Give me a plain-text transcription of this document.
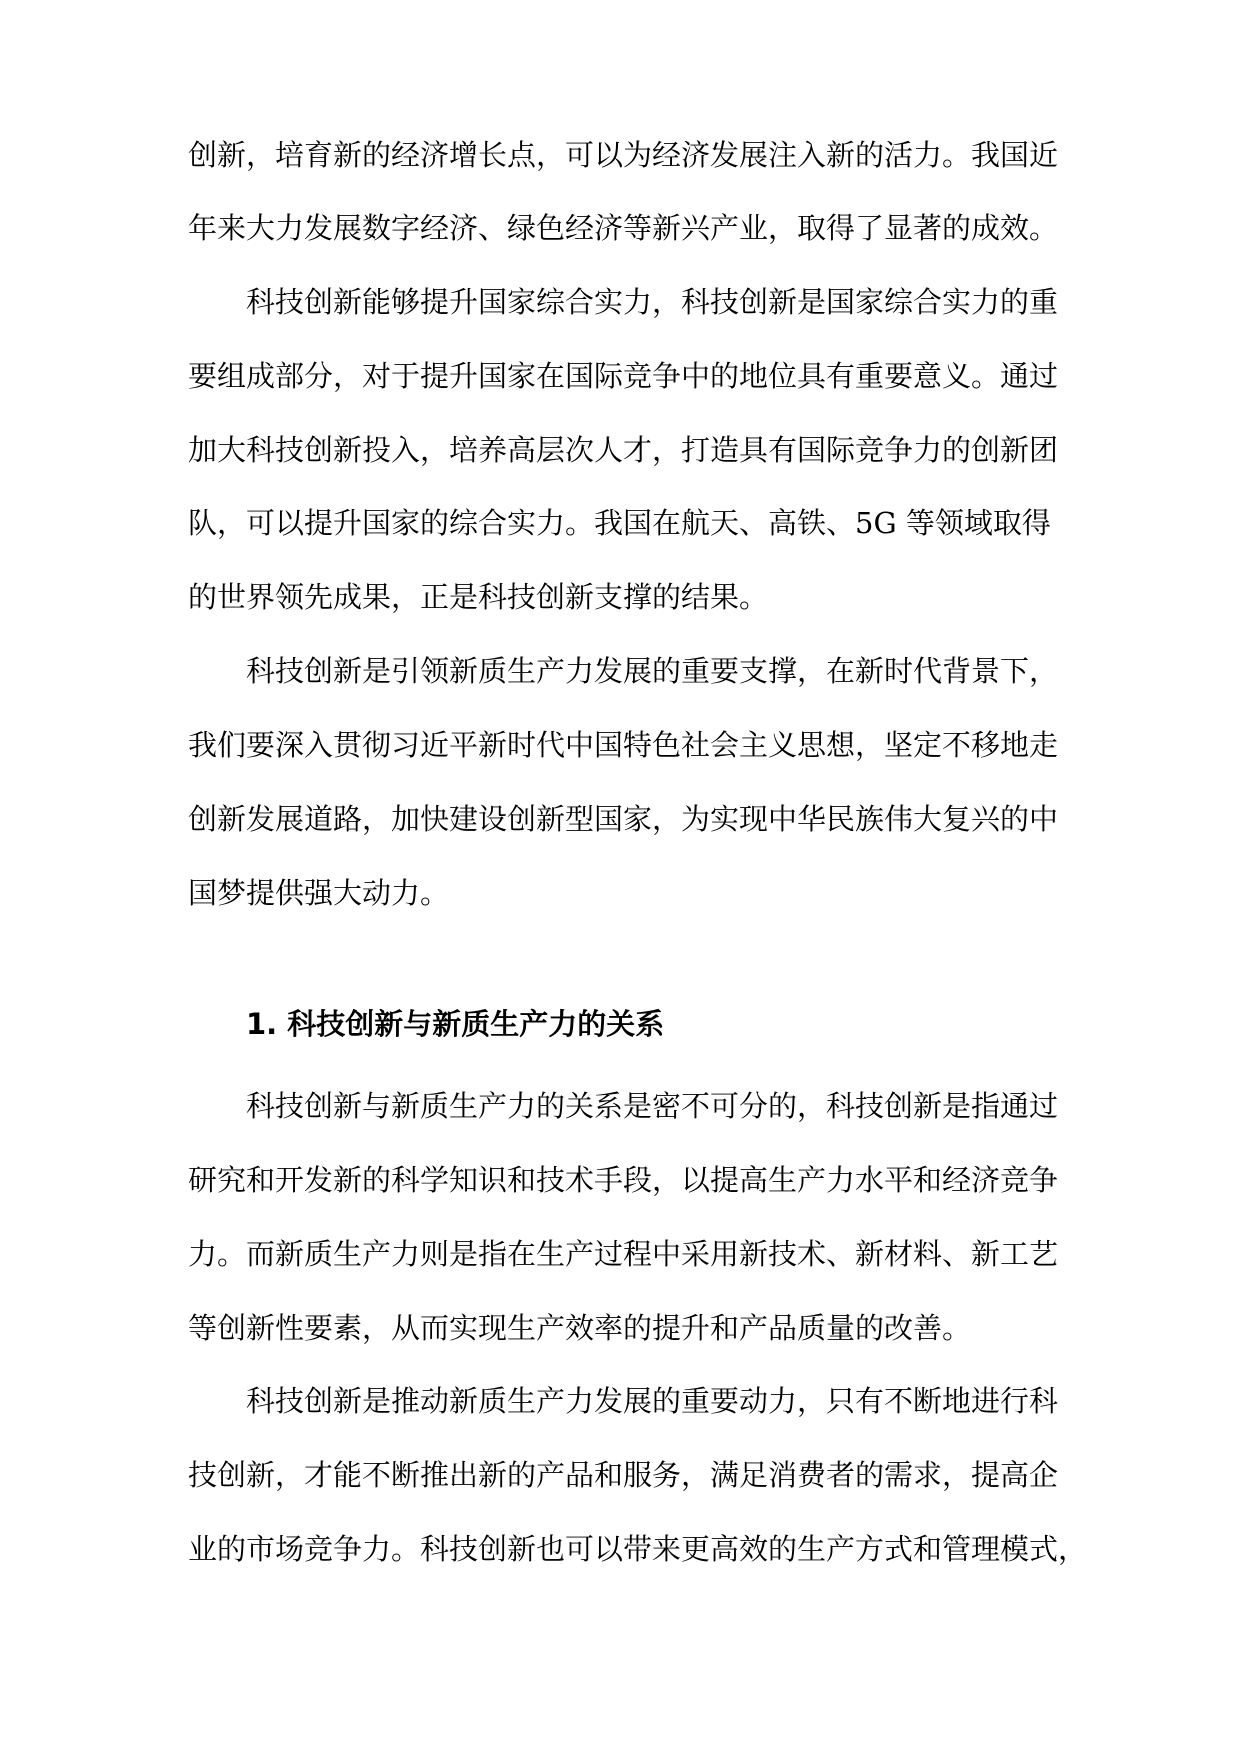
创新，培育新的经济增长点，可以为经济发展注入新的活力。我国近
年来大力发展数字经济、绿色经济等新兴产业，取得了显著的成效。
科技创新能够提升国家综合实力，科技创新是国家综合实力的重
要组成部分，对于提升国家在国际竞争中的地位具有重要意义。通过
加大科技创新投入，培养高层次人才，打造具有国际竞争力的创新团
队，可以提升国家的综合实力。我国在航天、高铁、5G 等领域取得
的世界领先成果，正是科技创新支撑的结果。
科技创新是引领新质生产力发展的重要支撑，在新时代背景下，
我们要深入贯彻习近平新时代中国特色社会主义思想，坚定不移地走
创新发展道路，加快建设创新型国家，为实现中华民族伟大复兴的中
国梦提供强大动力。
1. 科技创新与新质生产力的关系
科技创新与新质生产力的关系是密不可分的，科技创新是指通过
研究和开发新的科学知识和技术手段，以提高生产力水平和经济竞争
力。而新质生产力则是指在生产过程中采用新技术、新材料、新工艺
等创新性要素，从而实现生产效率的提升和产品质量的改善。
科技创新是推动新质生产力发展的重要动力，只有不断地进行科
技创新，才能不断推出新的产品和服务，满足消费者的需求，提高企
业的市场竞争力。科技创新也可以带来更高效的生产方式和管理模式，
